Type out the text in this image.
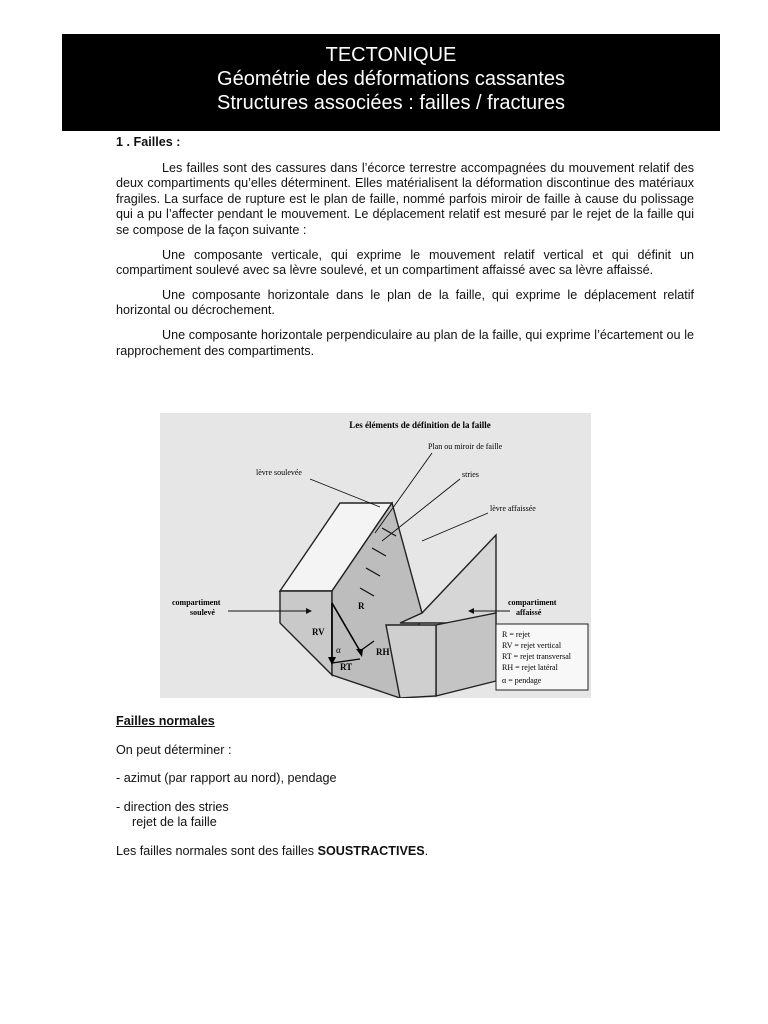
TECTONIQUE
Géométrie des déformations cassantes
Structures associées : failles / fractures
1 . Failles :

Les failles sont des cassures dans l’écorce terrestre accompagnées du mouvement relatif des deux compartiments qu’elles déterminent. Elles matérialisent la déformation discontinue des matériaux fragiles. La surface de rupture est le plan de faille, nommé parfois miroir de faille à cause du polissage qui a pu l’affecter pendant le mouvement. Le déplacement relatif est mesuré par le rejet de la faille qui se compose de la façon suivante :

Une composante verticale, qui exprime le mouvement relatif vertical et qui définit un compartiment soulevé avec sa lèvre soulevé, et un compartiment affaissé avec sa lèvre affaissé.

Une composante horizontale dans le plan de la faille, qui exprime le déplacement relatif horizontal ou décrochement.

Une composante horizontale perpendiculaire au plan de la faille, qui exprime l’écartement ou le rapprochement des compartiments.

Les éléments de définition de la faille
R
RV
RT
RH
α
Plan ou miroir de faille
stries
lèvre soulevée
lèvre affaissée
compartiment
soulevé
compartiment
affaissé
R = rejet
RV = rejet vertical
RT = rejet transversal
RH = rejet latéral
α = pendage
Failles normales
On peut déterminer :
- azimut (par rapport au nord), pendage
- direction des stries
rejet de la faille
Les failles normales sont des failles SOUSTRACTIVES.
